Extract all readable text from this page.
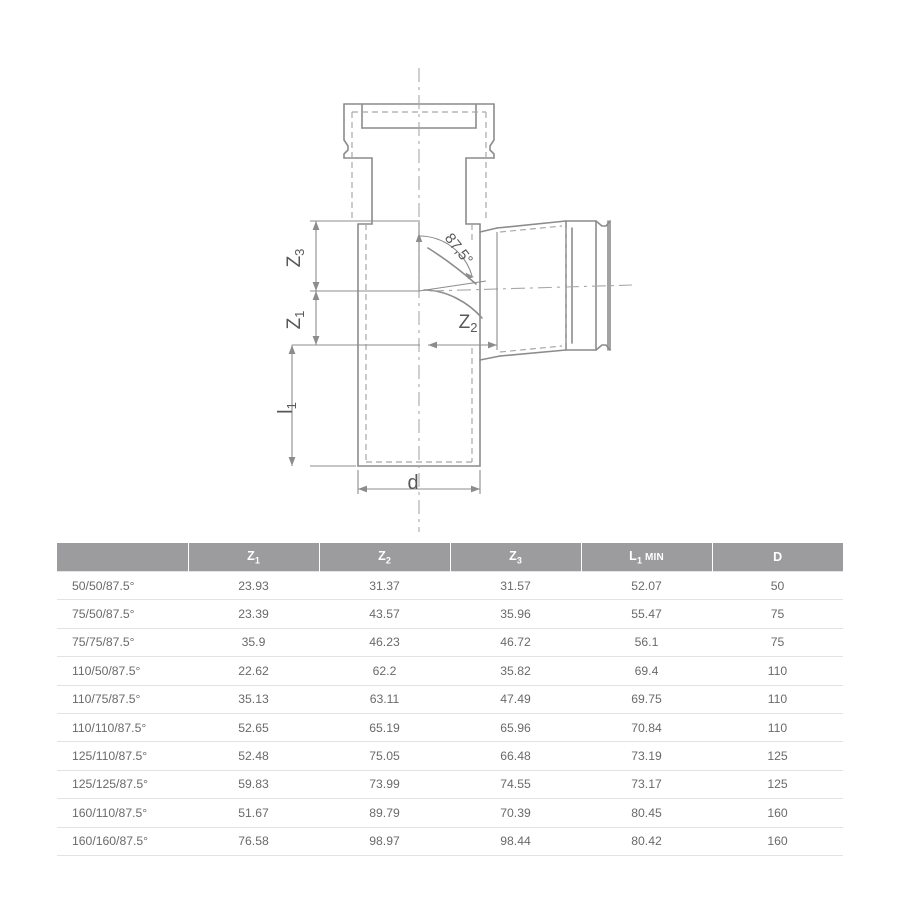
$Z_3$
$Z_1$
$l_1$
$Z_2$
d
87,5°
	$Z_1$	$Z_2$	$Z_3$	$L_1$ MIN	D
50/50/87.5°	23.93	31.37	31.57	52.07	50
75/50/87.5°	23.39	43.57	35.96	55.47	75
75/75/87.5°	35.9	46.23	46.72	56.1	75
110/50/87.5°	22.62	62.2	35.82	69.4	110
110/75/87.5°	35.13	63.11	47.49	69.75	110
110/110/87.5°	52.65	65.19	65.96	70.84	110
125/110/87.5°	52.48	75.05	66.48	73.19	125
125/125/87.5°	59.83	73.99	74.55	73.17	125
160/110/87.5°	51.67	89.79	70.39	80.45	160
160/160/87.5°	76.58	98.97	98.44	80.42	160
